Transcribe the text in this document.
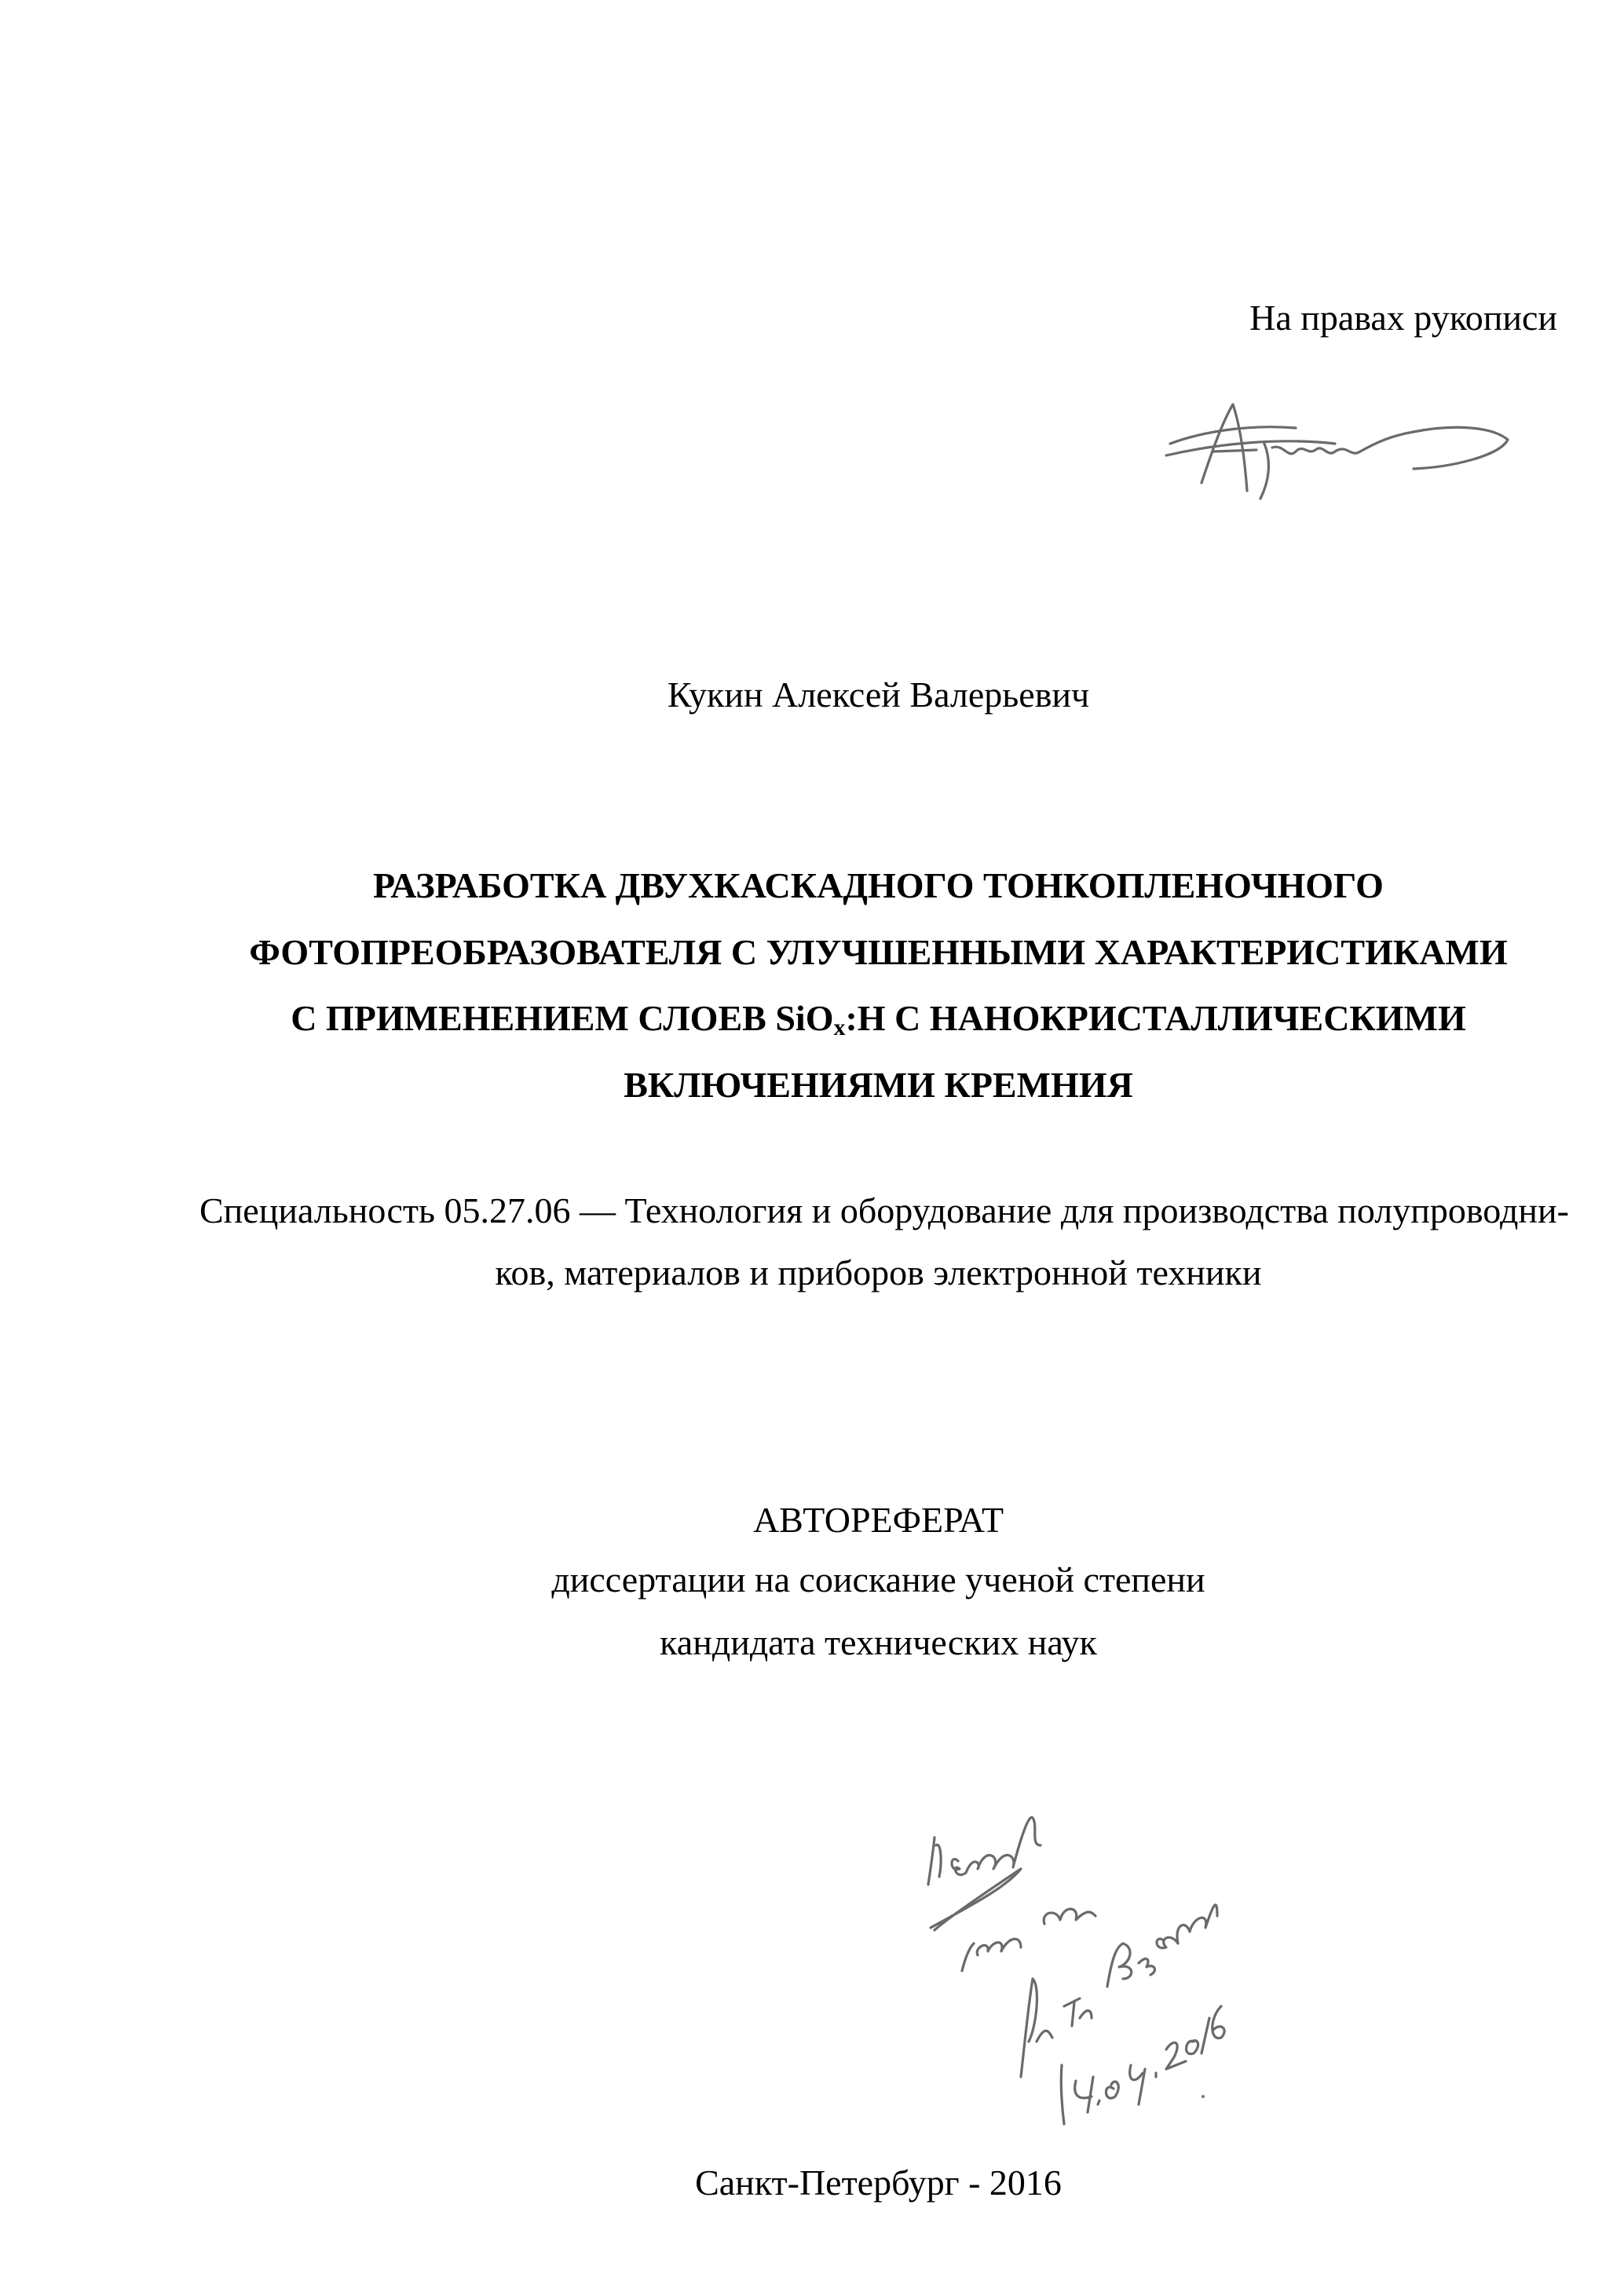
На правах рукописи
Кукин Алексей Валерьевич
РАЗРАБОТКА ДВУХКАСКАДНОГО ТОНКОПЛЕНОЧНОГО
ФОТОПРЕОБРАЗОВАТЕЛЯ С УЛУЧШЕННЫМИ ХАРАКТЕРИСТИКАМИ
С ПРИМЕНЕНИЕМ СЛОЕВ SiO$_x$:H С НАНОКРИСТАЛЛИЧЕСКИМИ
ВКЛЮЧЕНИЯМИ КРЕМНИЯ
Специальность 05.27.06 — Технология и оборудование для производства полупроводни-
ков, материалов и приборов электронной техники
АВТОРЕФЕРАТ
диссертации на соискание ученой степени
кандидата технических наук
Санкт-Петербург - 2016
